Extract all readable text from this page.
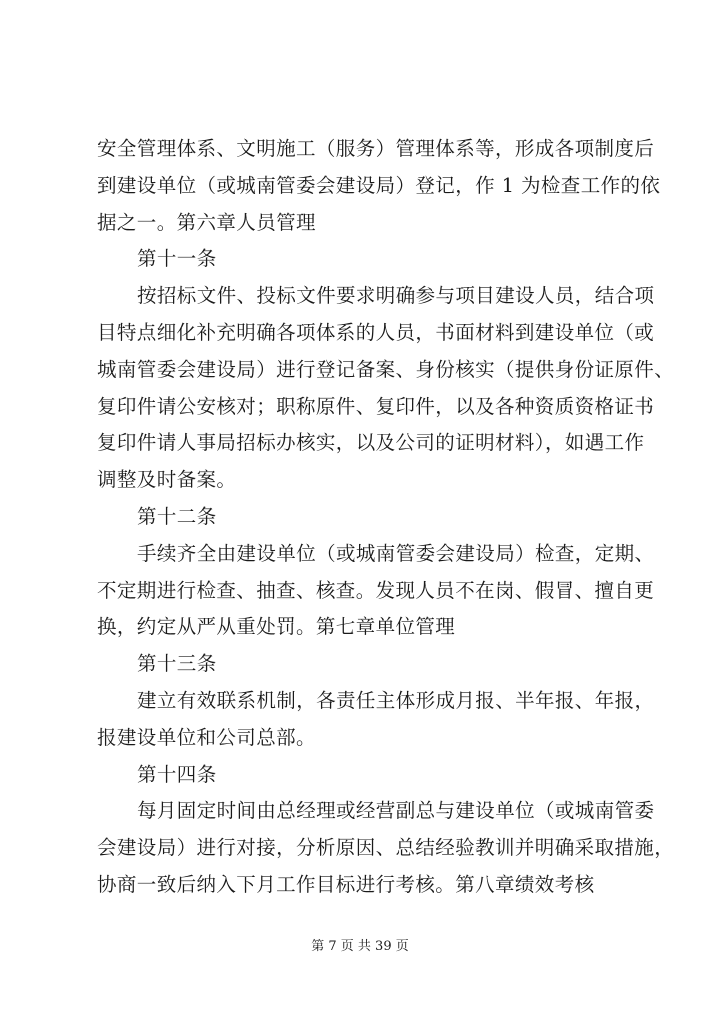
安全管理体系、文明施工（服务）管理体系等，形成各项制度后
到建设单位（或城南管委会建设局）登记，作 1 为检查工作的依
据之一。第六章人员管理
第十一条
按招标文件、投标文件要求明确参与项目建设人员，结合项
目特点细化补充明确各项体系的人员，书面材料到建设单位（或
城南管委会建设局）进行登记备案、身份核实（提供身份证原件、
复印件请公安核对；职称原件、复印件，以及各种资质资格证书
复印件请人事局招标办核实，以及公司的证明材料），如遇工作
调整及时备案。
第十二条
手续齐全由建设单位（或城南管委会建设局）检查，定期、
不定期进行检查、抽查、核查。发现人员不在岗、假冒、擅自更
换，约定从严从重处罚。第七章单位管理
第十三条
建立有效联系机制，各责任主体形成月报、半年报、年报，
报建设单位和公司总部。
第十四条
每月固定时间由总经理或经营副总与建设单位（或城南管委
会建设局）进行对接，分析原因、总结经验教训并明确采取措施，
协商一致后纳入下月工作目标进行考核。第八章绩效考核
第 7 页 共 39 页
